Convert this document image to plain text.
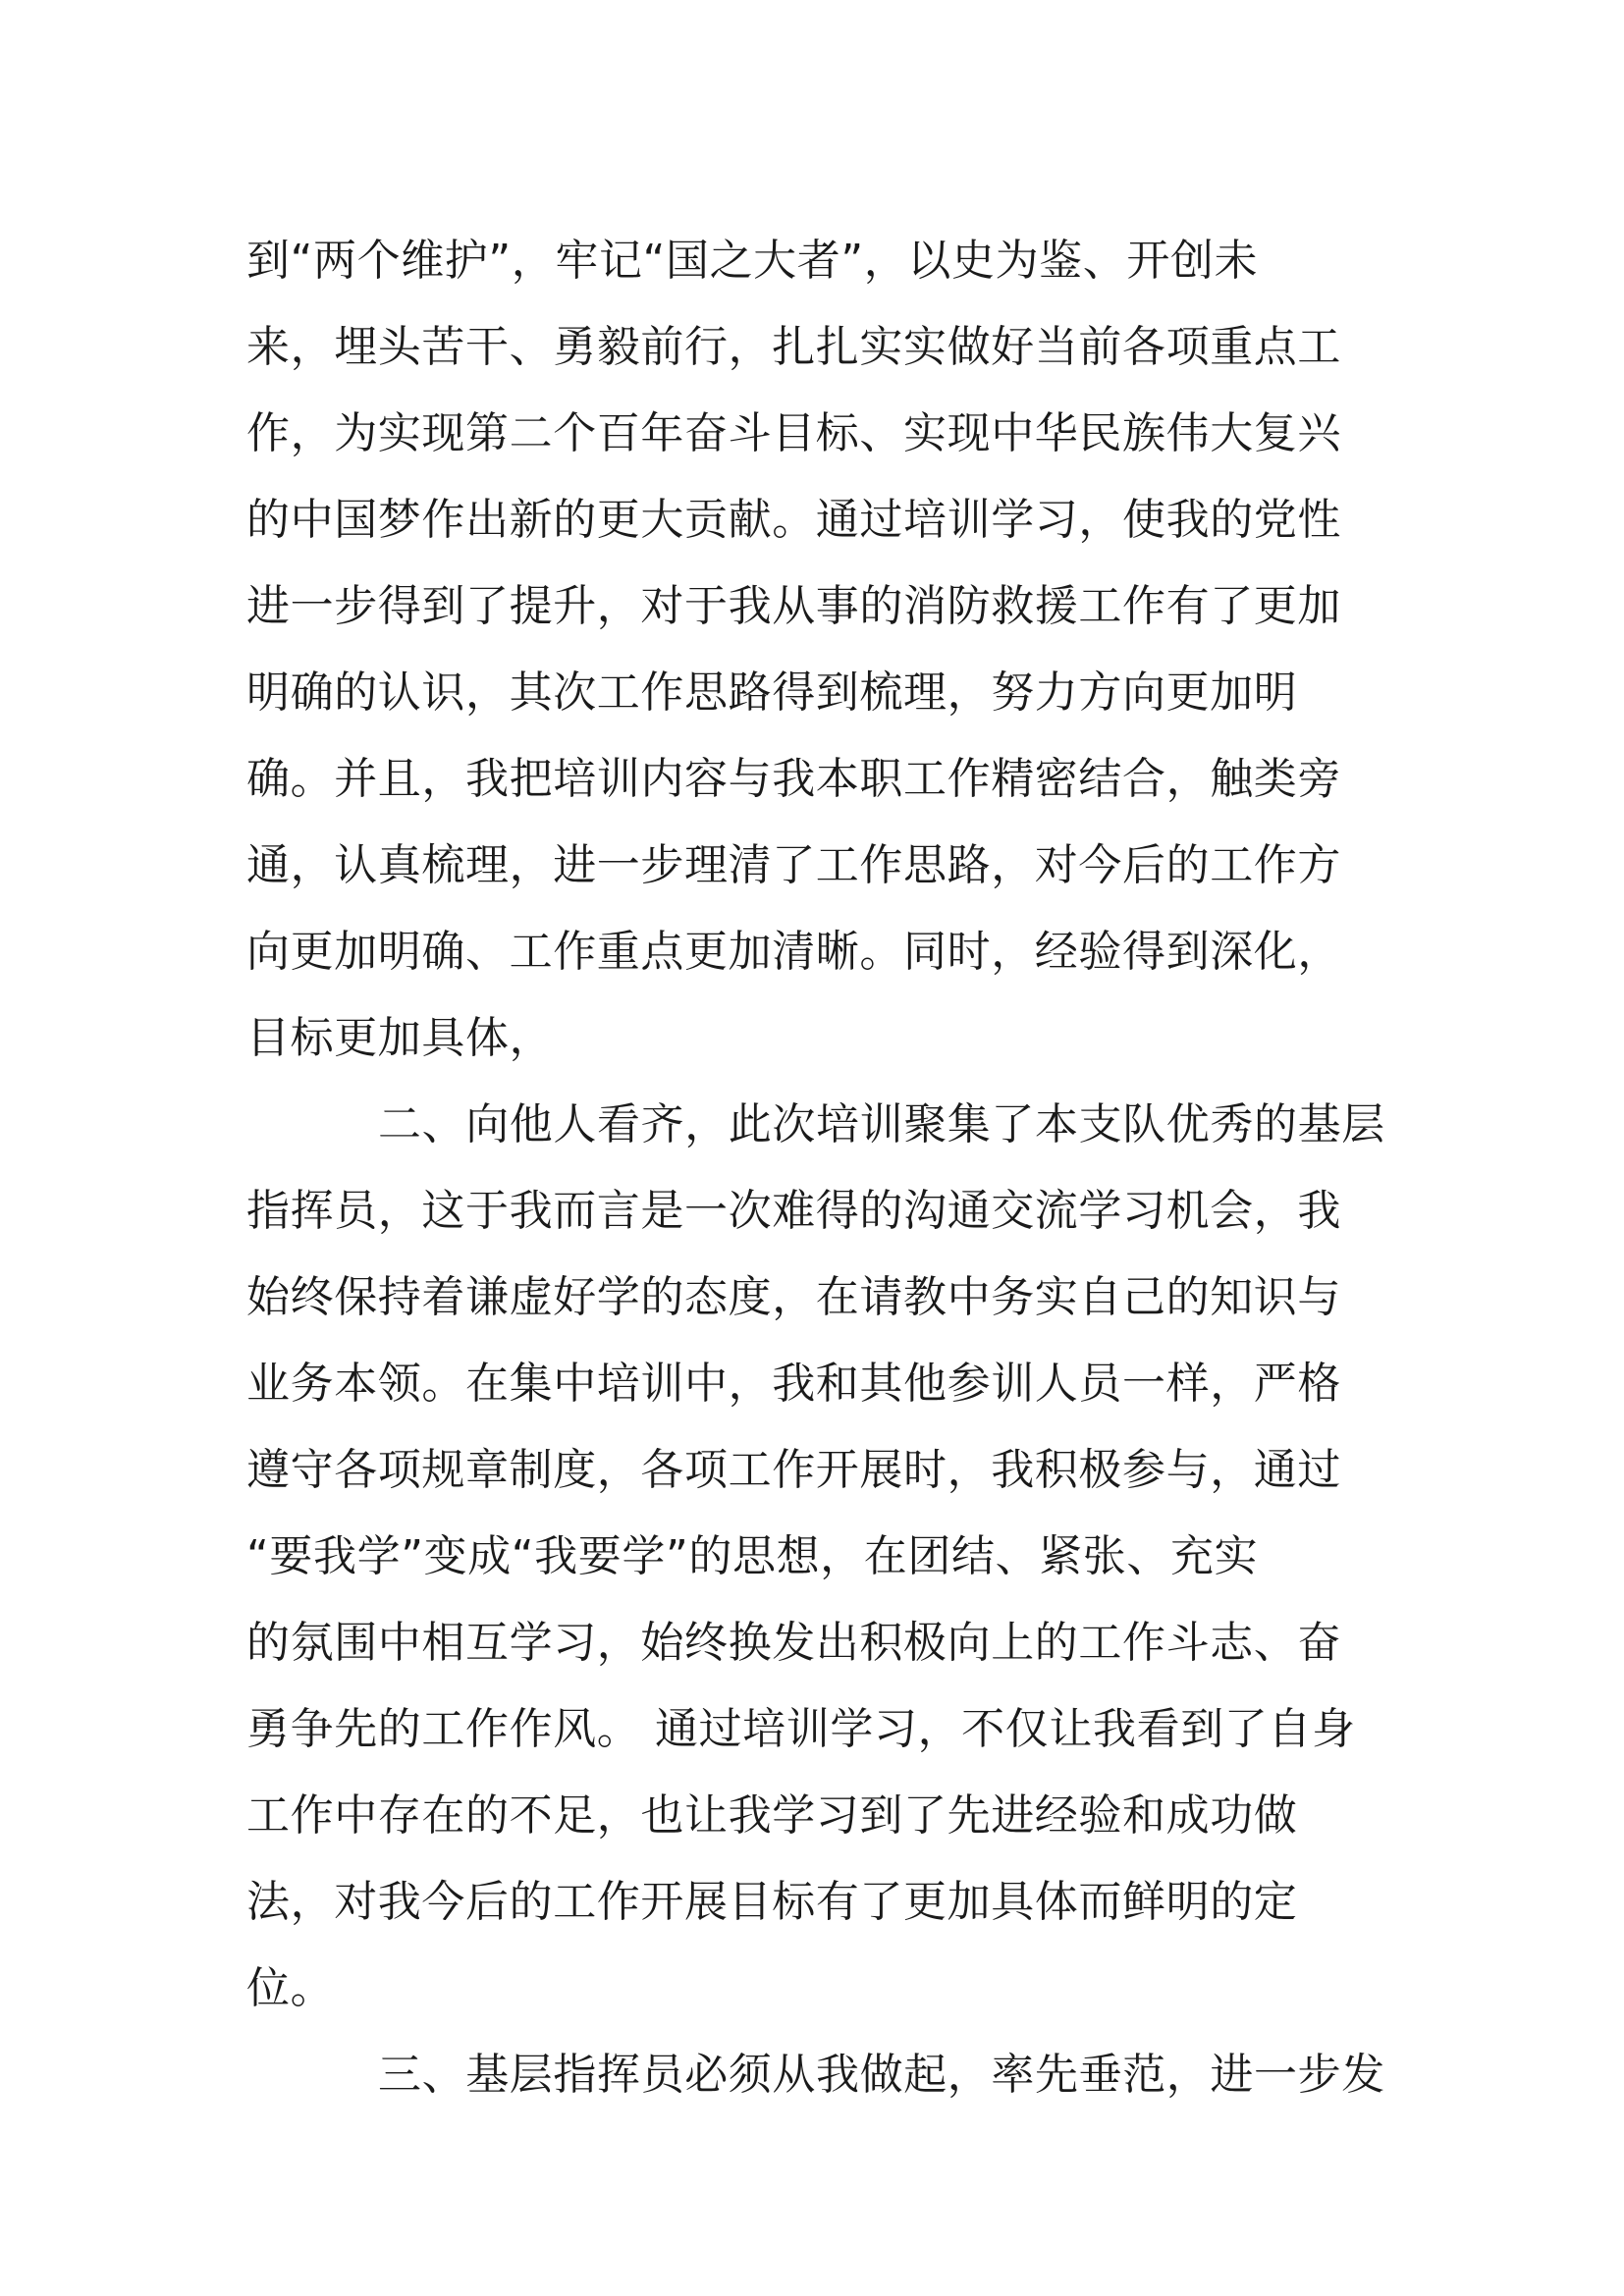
到“两个维护”，牢记“国之大者”，以史为鉴、开创未
来，埋头苦干、勇毅前行，扎扎实实做好当前各项重点工
作，为实现第二个百年奋斗目标、实现中华民族伟大复兴
的中国梦作出新的更大贡献。通过培训学习，使我的党性
进一步得到了提升，对于我从事的消防救援工作有了更加
明确的认识，其次工作思路得到梳理，努力方向更加明
确。并且，我把培训内容与我本职工作精密结合，触类旁
通，认真梳理，进一步理清了工作思路，对今后的工作方
向更加明确、工作重点更加清晰。同时，经验得到深化，
目标更加具体，
二、向他人看齐，此次培训聚集了本支队优秀的基层
指挥员，这于我而言是一次难得的沟通交流学习机会，我
始终保持着谦虚好学的态度，在请教中务实自己的知识与
业务本领。在集中培训中，我和其他参训人员一样，严格
遵守各项规章制度，各项工作开展时，我积极参与，通过
“要我学”变成“我要学”的思想，在团结、紧张、充实
的氛围中相互学习，始终换发出积极向上的工作斗志、奋
勇争先的工作作风。 通过培训学习，不仅让我看到了自身
工作中存在的不足，也让我学习到了先进经验和成功做
法，对我今后的工作开展目标有了更加具体而鲜明的定
位。
三、基层指挥员必须从我做起，率先垂范，进一步发
